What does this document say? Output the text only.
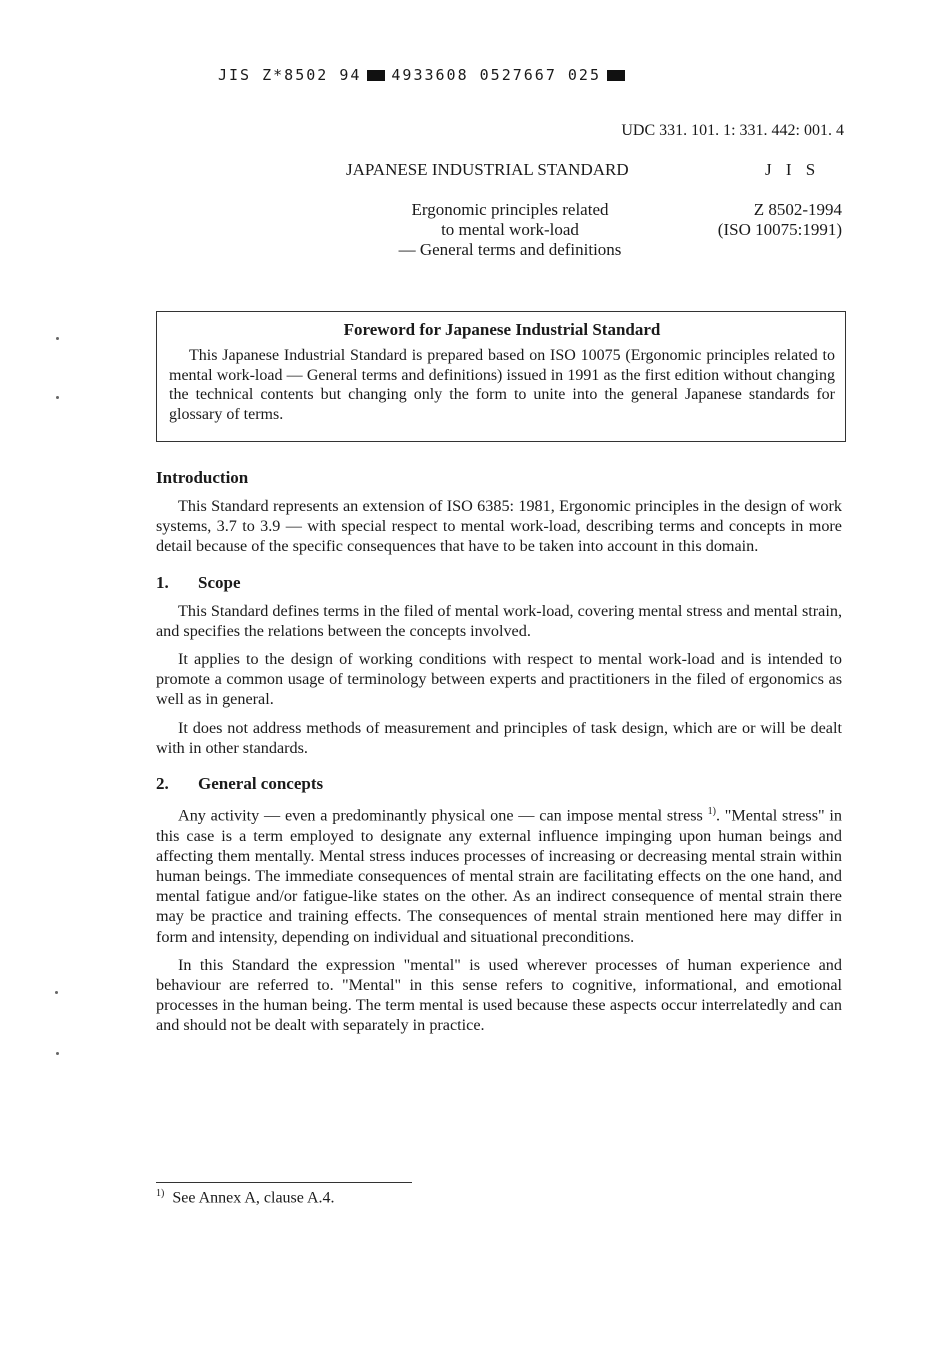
JIS Z*8502 94 4933608 0527667 025
UDC 331. 101. 1: 331. 442: 001. 4
JAPANESE INDUSTRIAL STANDARD	J I S
Ergonomic principles related
to mental work-load
— General terms and definitions
Z 8502-1994
(ISO 10075:1991)
Foreword for Japanese Industrial Standard

This Japanese Industrial Standard is prepared based on ISO 10075 (Ergonomic principles related to mental work-load — General terms and definitions) issued in 1991 as the first edition without changing the technical contents but changing only the form to unite into the general Japanese standards for glossary of terms.

Introduction

This Standard represents an extension of ISO 6385: 1981, Ergonomic principles in the design of work systems, 3.7 to 3.9 — with special respect to mental work-load, describing terms and concepts in more detail because of the specific consequences that have to be taken into account in this domain.

1. Scope

This Standard defines terms in the filed of mental work-load, covering mental stress and mental strain, and specifies the relations between the concepts involved.

It applies to the design of working conditions with respect to mental work-load and is intended to promote a common usage of terminology between experts and practitioners in the filed of ergonomics as well as in general.

It does not address methods of measurement and principles of task design, which are or will be dealt with in other standards.

2. General concepts

Any activity — even a predominantly physical one — can impose mental stress $^{1)}$. "Mental stress" in this case is a term employed to designate any external influence impinging upon human beings and affecting them mentally. Mental stress induces processes of increasing or decreasing mental strain within human beings. The immediate consequences of mental strain are facilitating effects on the one hand, and mental fatigue and/or fatigue-like states on the other. As an indirect consequence of mental strain there may be practice and training effects. The consequences of mental strain mentioned here may differ in form and intensity, depending on individual and situational preconditions.

In this Standard the expression "mental" is used wherever processes of human experience and behaviour are referred to. "Mental" in this sense refers to cognitive, informational, and emotional processes in the human being. The term mental is used because these aspects occur interrelatedly and can and should not be dealt with separately in practice.

$^{1)}$ See Annex A, clause A.4.
